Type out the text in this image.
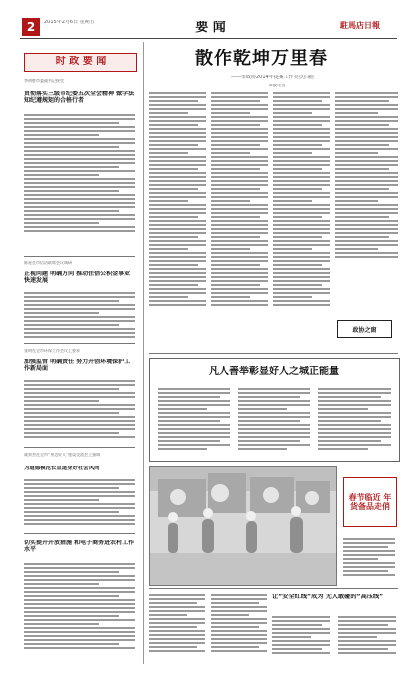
2 2015年2月6日 星期五	要 闻	駐馬店日報
时 政 要 闻
李明胜市委副书记接受
贯彻落实三级市纪委五次全会精神 做学法知纪遵规矩的合格行者
陈星在市信访联席会议调研
正视问题 明确方向 推动住信公积金事业快速发展
张明在全市环保工作会议上要求
加强监管 明确责任 努力开创环境保护工作新局面
咸荣杰在全市“身边好人”座谈交流会上强调
为道德模范长宣道身好社会风尚
切实提升开放措施 和电子商务进农村工作水平
散作乾坤万里春
——市政协2014年提案工作亮点扫描
本报记者
政协之窗
凡人善举彰显好人之城正能量
春节临近 年货备品走俏
让“安全红线”成为 无人敢碰的“高压线”
